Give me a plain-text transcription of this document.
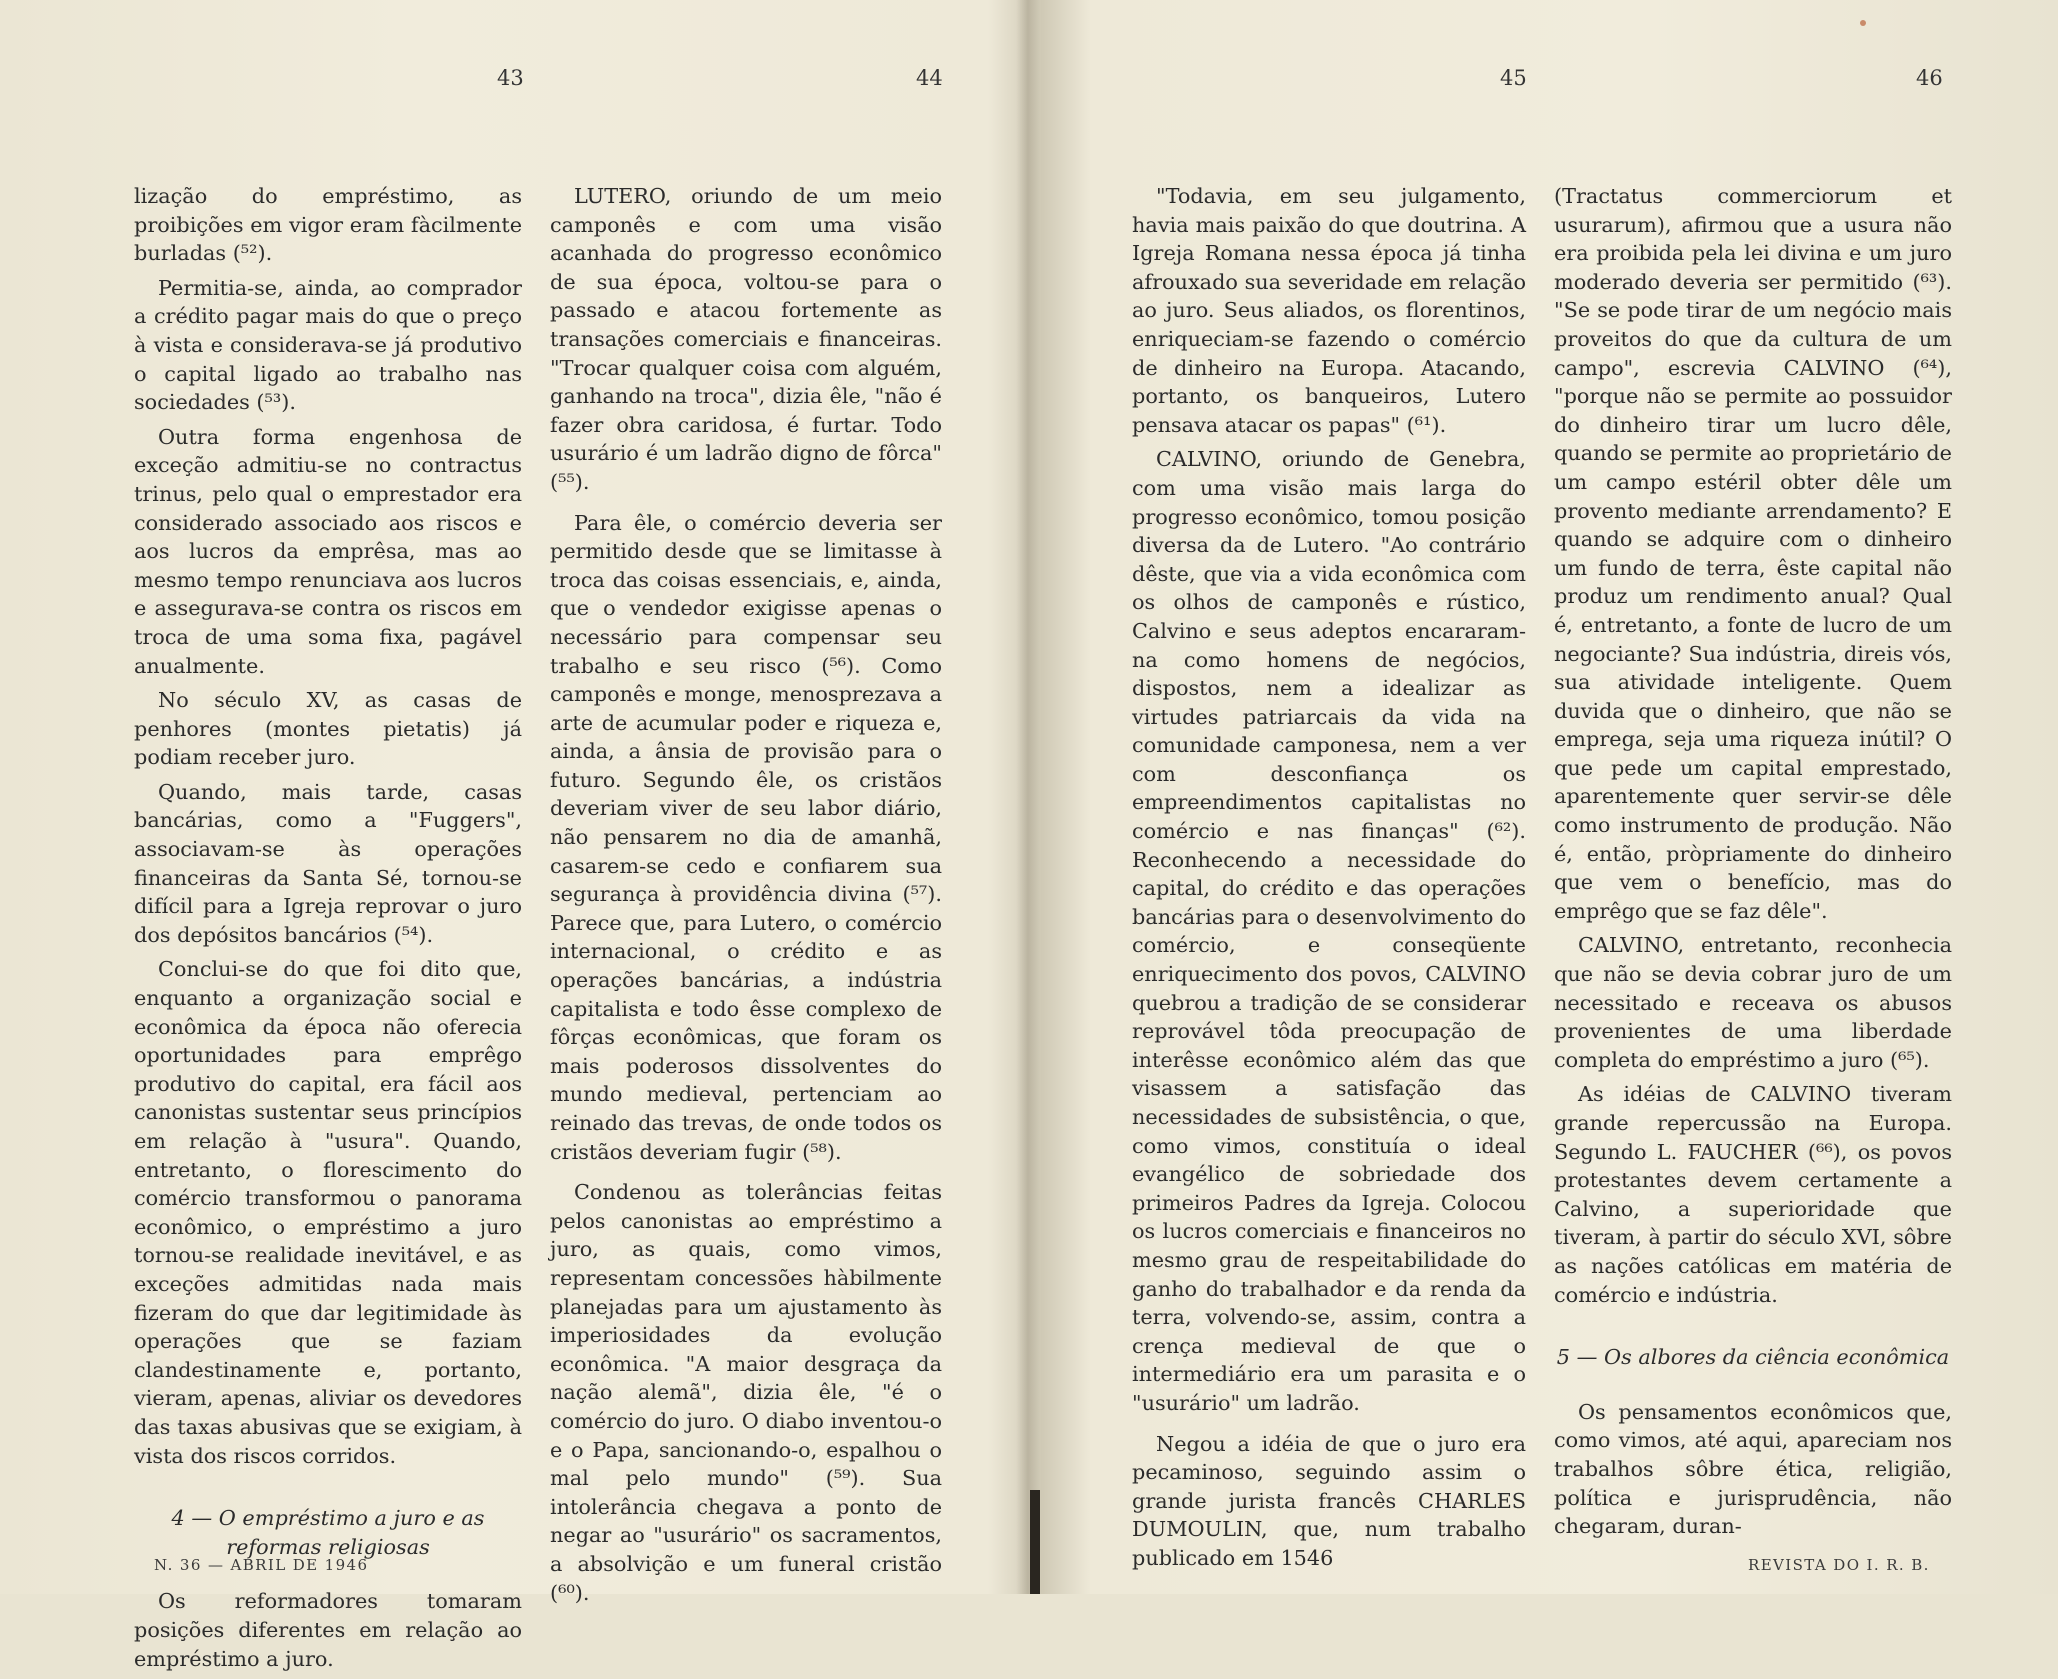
43	44	45	46

lização do empréstimo, as proibições em vigor eram fàcilmente burladas (⁵²).

Permitia-se, ainda, ao comprador a crédito pagar mais do que o preço à vista e considerava-se já produtivo o capital ligado ao trabalho nas sociedades (⁵³).

Outra forma engenhosa de exceção admitiu-se no contractus trinus, pelo qual o emprestador era considerado associado aos riscos e aos lucros da emprêsa, mas ao mesmo tempo renunciava aos lucros e assegurava-se contra os riscos em troca de uma soma fixa, pagável anualmente.

No século XV, as casas de penhores (montes pietatis) já podiam receber juro.

Quando, mais tarde, casas bancárias, como a "Fuggers", associavam-se às operações financeiras da Santa Sé, tornou-se difícil para a Igreja reprovar o juro dos depósitos bancários (⁵⁴).

Conclui-se do que foi dito que, enquanto a organização social e econômica da época não oferecia oportunidades para emprêgo produtivo do capital, era fácil aos canonistas sustentar seus princípios em relação à "usura". Quando, entretanto, o florescimento do comércio transformou o panorama econômico, o empréstimo a juro tornou-se realidade inevitável, e as exceções admitidas nada mais fizeram do que dar legitimidade às operações que se faziam clandestinamente e, portanto, vieram, apenas, aliviar os devedores das taxas abusivas que se exigiam, à vista dos riscos corridos.

4 — O empréstimo a juro e as reformas religiosas

Os reformadores tomaram posições diferentes em relação ao empréstimo a juro.

LUTERO, oriundo de um meio camponês e com uma visão acanhada do progresso econômico de sua época, voltou-se para o passado e atacou fortemente as transações comerciais e financeiras. "Trocar qualquer coisa com alguém, ganhando na troca", dizia êle, "não é fazer obra caridosa, é furtar. Todo usurário é um ladrão digno de fôrca" (⁵⁵).

Para êle, o comércio deveria ser permitido desde que se limitasse à troca das coisas essenciais, e, ainda, que o vendedor exigisse apenas o necessário para compensar seu trabalho e seu risco (⁵⁶). Como camponês e monge, menosprezava a arte de acumular poder e riqueza e, ainda, a ânsia de provisão para o futuro. Segundo êle, os cristãos deveriam viver de seu labor diário, não pensarem no dia de amanhã, casarem-se cedo e confiarem sua segurança à providência divina (⁵⁷). Parece que, para Lutero, o comércio internacional, o crédito e as operações bancárias, a indústria capitalista e todo êsse complexo de fôrças econômicas, que foram os mais poderosos dissolventes do mundo medieval, pertenciam ao reinado das trevas, de onde todos os cristãos deveriam fugir (⁵⁸).

Condenou as tolerâncias feitas pelos canonistas ao empréstimo a juro, as quais, como vimos, representam concessões hàbilmente planejadas para um ajustamento às imperiosidades da evolução econômica. "A maior desgraça da nação alemã", dizia êle, "é o comércio do juro. O diabo inventou-o e o Papa, sancionando-o, espalhou o mal pelo mundo" (⁵⁹). Sua intolerância chegava a ponto de negar ao "usurário" os sacramentos, a absolvição e um funeral cristão (⁶⁰).

"Todavia, em seu julgamento, havia mais paixão do que doutrina. A Igreja Romana nessa época já tinha afrouxado sua severidade em relação ao juro. Seus aliados, os florentinos, enriqueciam-se fazendo o comércio de dinheiro na Europa. Atacando, portanto, os banqueiros, Lutero pensava atacar os papas" (⁶¹).

CALVINO, oriundo de Genebra, com uma visão mais larga do progresso econômico, tomou posição diversa da de Lutero. "Ao contrário dêste, que via a vida econômica com os olhos de camponês e rústico, Calvino e seus adeptos encararam-na como homens de negócios, dispostos, nem a idealizar as virtudes patriarcais da vida na comunidade camponesa, nem a ver com desconfiança os empreendimentos capitalistas no comércio e nas finanças" (⁶²). Reconhecendo a necessidade do capital, do crédito e das operações bancárias para o desenvolvimento do comércio, e conseqüente enriquecimento dos povos, CALVINO quebrou a tradição de se considerar reprovável tôda preocupação de interêsse econômico além das que visassem a satisfação das necessidades de subsistência, o que, como vimos, constituía o ideal evangélico de sobriedade dos primeiros Padres da Igreja. Colocou os lucros comerciais e financeiros no mesmo grau de respeitabilidade do ganho do trabalhador e da renda da terra, volvendo-se, assim, contra a crença medieval de que o intermediário era um parasita e o "usurário" um ladrão.

Negou a idéia de que o juro era pecaminoso, seguindo assim o grande jurista francês CHARLES DUMOULIN, que, num trabalho publicado em 1546

(Tractatus commerciorum et usurarum), afirmou que a usura não era proibida pela lei divina e um juro moderado deveria ser permitido (⁶³). "Se se pode tirar de um negócio mais proveitos do que da cultura de um campo", escrevia CALVINO (⁶⁴), "porque não se permite ao possuidor do dinheiro tirar um lucro dêle, quando se permite ao proprietário de um campo estéril obter dêle um provento mediante arrendamento? E quando se adquire com o dinheiro um fundo de terra, êste capital não produz um rendimento anual? Qual é, entretanto, a fonte de lucro de um negociante? Sua indústria, direis vós, sua atividade inteligente. Quem duvida que o dinheiro, que não se emprega, seja uma riqueza inútil? O que pede um capital emprestado, aparentemente quer servir-se dêle como instrumento de produção. Não é, então, pròpriamente do dinheiro que vem o benefício, mas do emprêgo que se faz dêle".

CALVINO, entretanto, reconhecia que não se devia cobrar juro de um necessitado e receava os abusos provenientes de uma liberdade completa do empréstimo a juro (⁶⁵).

As idéias de CALVINO tiveram grande repercussão na Europa. Segundo L. FAUCHER (⁶⁶), os povos protestantes devem certamente a Calvino, a superioridade que tiveram, à partir do século XVI, sôbre as nações católicas em matéria de comércio e indústria.

5 — Os albores da ciência econômica

Os pensamentos econômicos que, como vimos, até aqui, apareciam nos trabalhos sôbre ética, religião, política e jurisprudência, não chegaram, duran-

N. 36 — ABRIL DE 1946	REVISTA DO I. R. B.
